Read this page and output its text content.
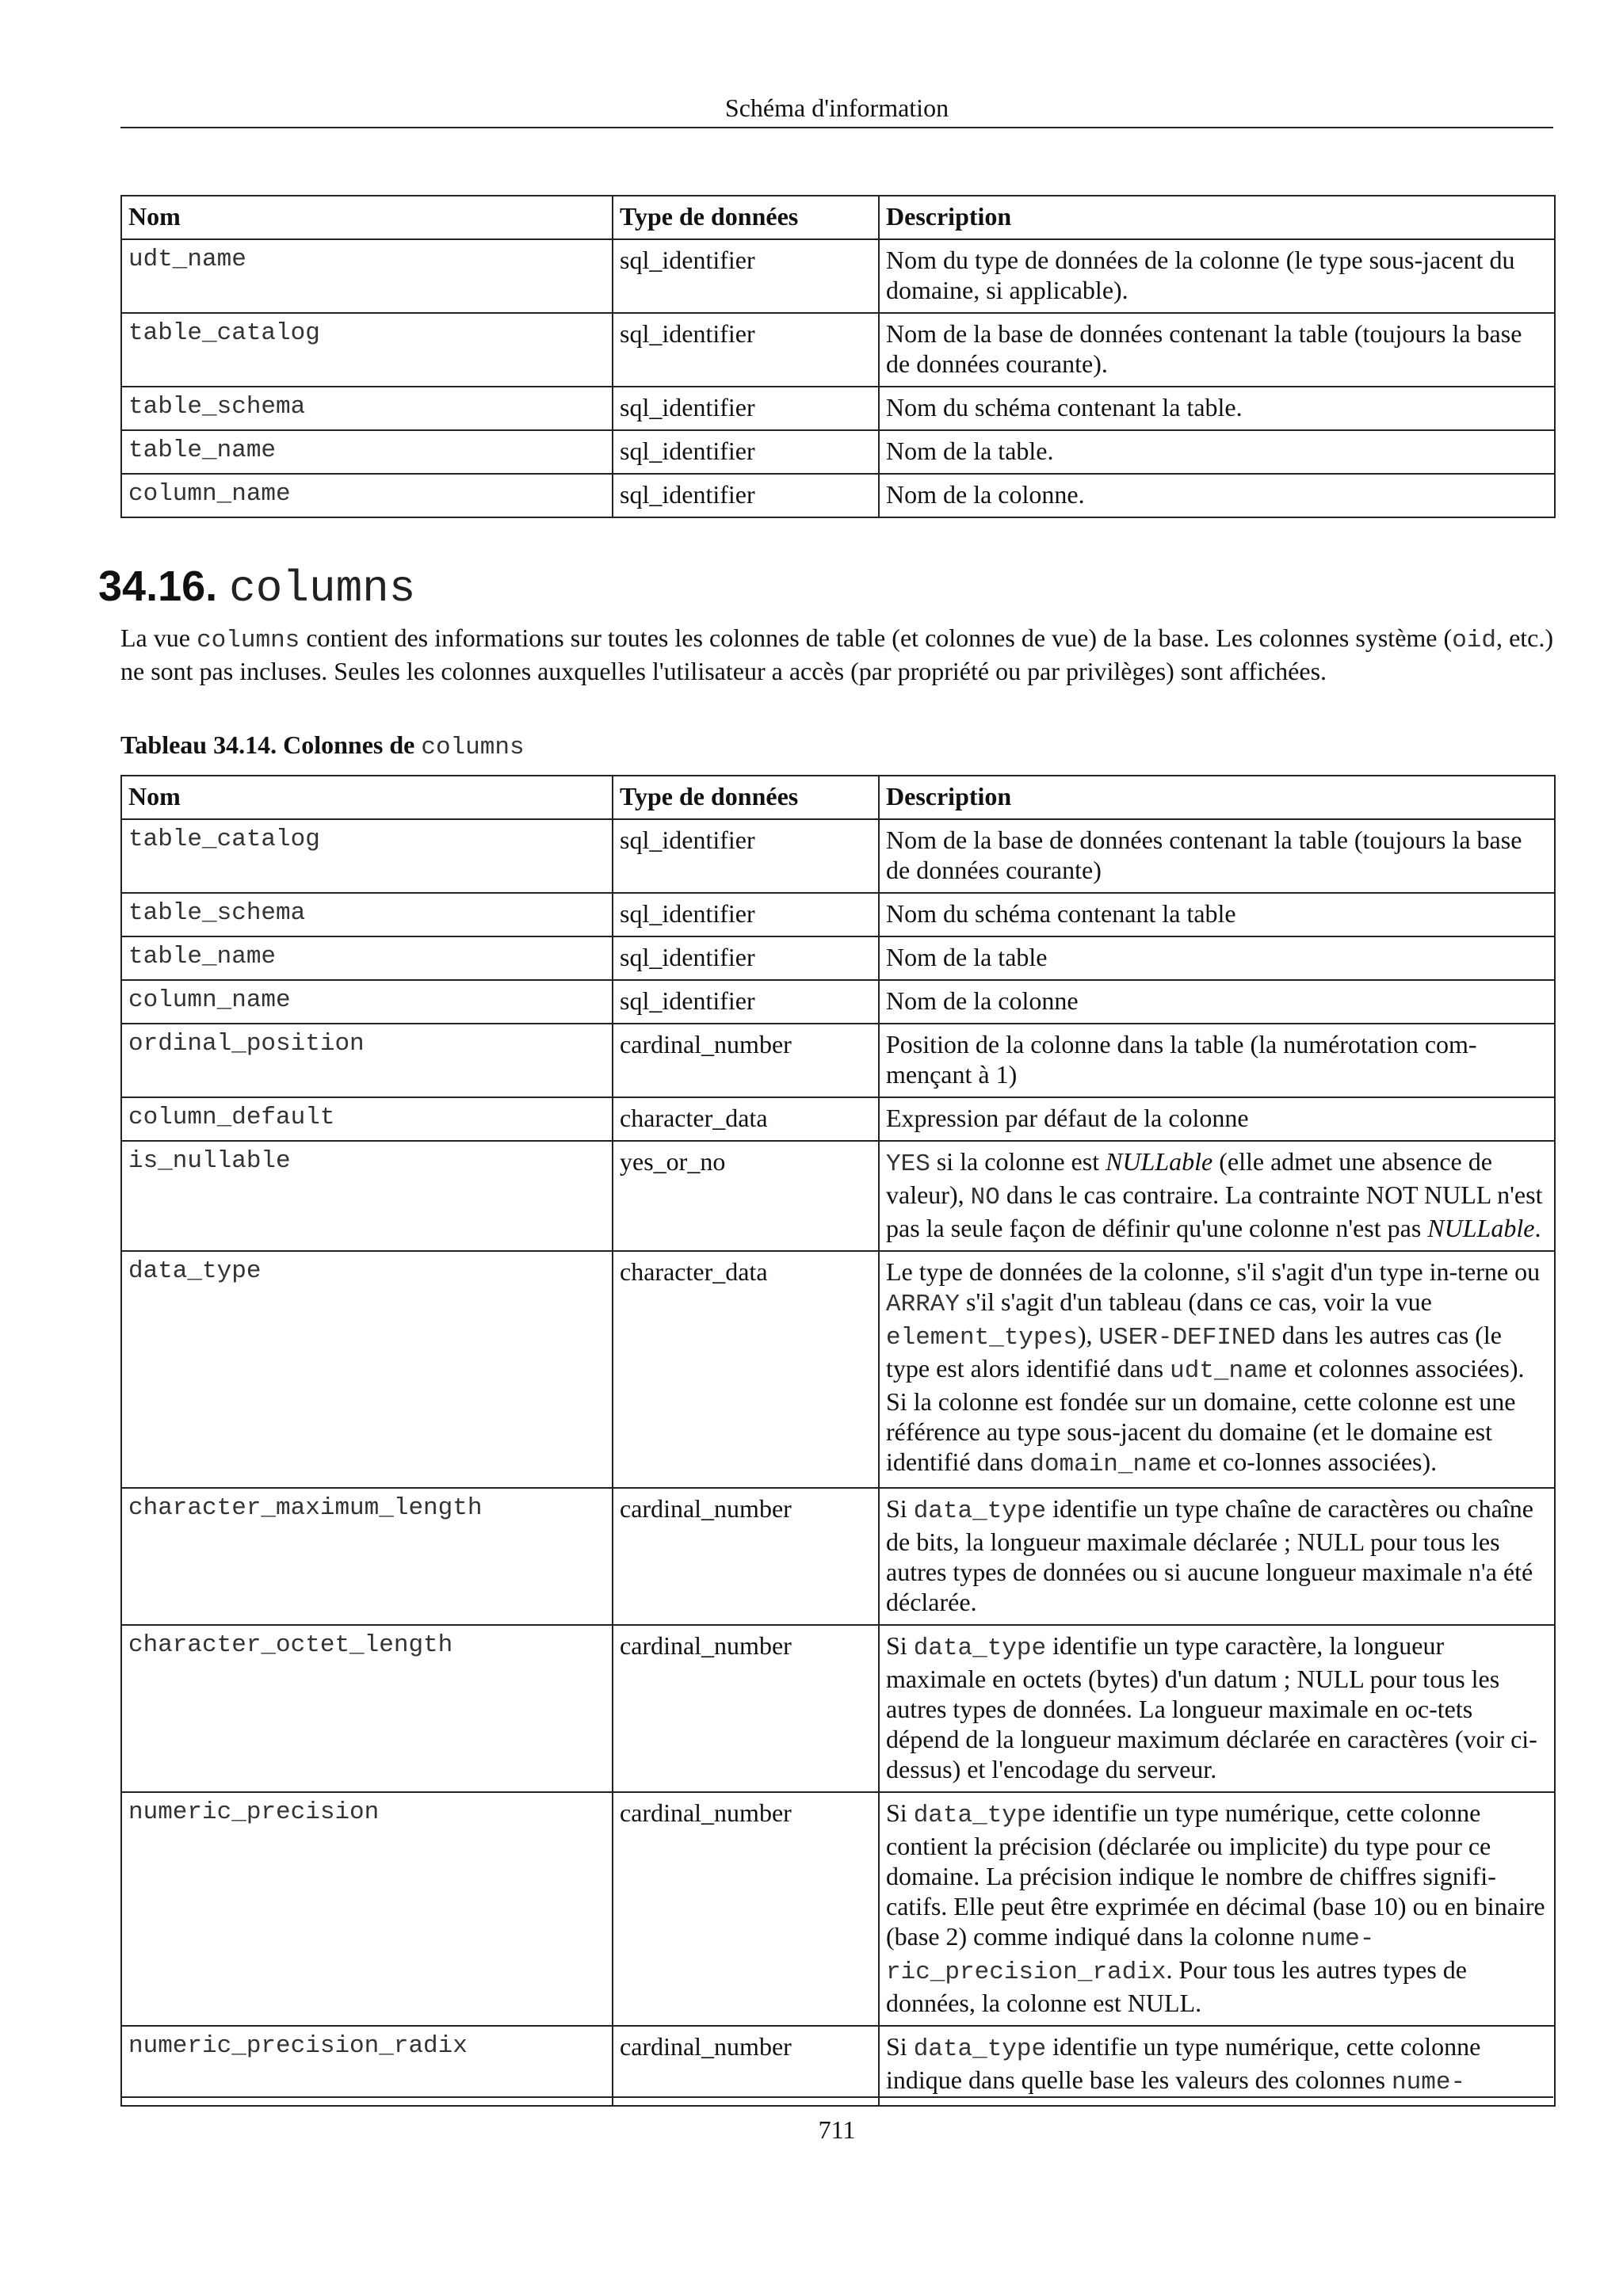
Schéma d'information
Nom	Type de données	Description
udt_name	sql_identifier	Nom du type de données de la colonne (le type sous-jacent du domaine, si applicable).
table_catalog	sql_identifier	Nom de la base de données contenant la table (toujours la base de données courante).
table_schema	sql_identifier	Nom du schéma contenant la table.
table_name	sql_identifier	Nom de la table.
column_name	sql_identifier	Nom de la colonne.
34.16. columns

La vue columns contient des informations sur toutes les colonnes de table (et colonnes de vue) de la base. Les colonnes système (oid, etc.) ne sont pas incluses. Seules les colonnes auxquelles l'utilisateur a accès (par propriété ou par privilèges) sont affichées.

Tableau 34.14. Colonnes de columns

Nom	Type de données	Description
table_catalog	sql_identifier	Nom de la base de données contenant la table (toujours la base de données courante)
table_schema	sql_identifier	Nom du schéma contenant la table
table_name	sql_identifier	Nom de la table
column_name	sql_identifier	Nom de la colonne
ordinal_position	cardinal_number	Position de la colonne dans la table (la numérotation com-mençant à 1)
column_default	character_data	Expression par défaut de la colonne
is_nullable	yes_or_no	YES si la colonne est NULLable (elle admet une absence de valeur), NO dans le cas contraire. La contrainte NOT NULL n'est pas la seule façon de définir qu'une colonne n'est pas NULLable.
data_type	character_data	Le type de données de la colonne, s'il s'agit d'un type in-terne ou ARRAY s'il s'agit d'un tableau (dans ce cas, voir la vue element_types), USER-DEFINED dans les autres cas (le type est alors identifié dans udt_name et colonnes associées). Si la colonne est fondée sur un domaine, cette colonne est une référence au type sous-jacent du domaine (et le domaine est identifié dans domain_name et co-lonnes associées).
character_maximum_length	cardinal_number	Si data_type identifie un type chaîne de caractères ou chaîne de bits, la longueur maximale déclarée ; NULL pour tous les autres types de données ou si aucune longueur maximale n'a été déclarée.
character_octet_length	cardinal_number	Si data_type identifie un type caractère, la longueur maximale en octets (bytes) d'un datum ; NULL pour tous les autres types de données. La longueur maximale en oc-tets dépend de la longueur maximum déclarée en caractères (voir ci-dessus) et l'encodage du serveur.
numeric_precision	cardinal_number	Si data_type identifie un type numérique, cette colonne contient la précision (déclarée ou implicite) du type pour ce domaine. La précision indique le nombre de chiffres signifi-catifs. Elle peut être exprimée en décimal (base 10) ou en binaire (base 2) comme indiqué dans la colonne nume-ric_precision_radix. Pour tous les autres types de données, la colonne est NULL.
numeric_precision_radix	cardinal_number	Si data_type identifie un type numérique, cette colonne indique dans quelle base les valeurs des colonnes nume-
711
